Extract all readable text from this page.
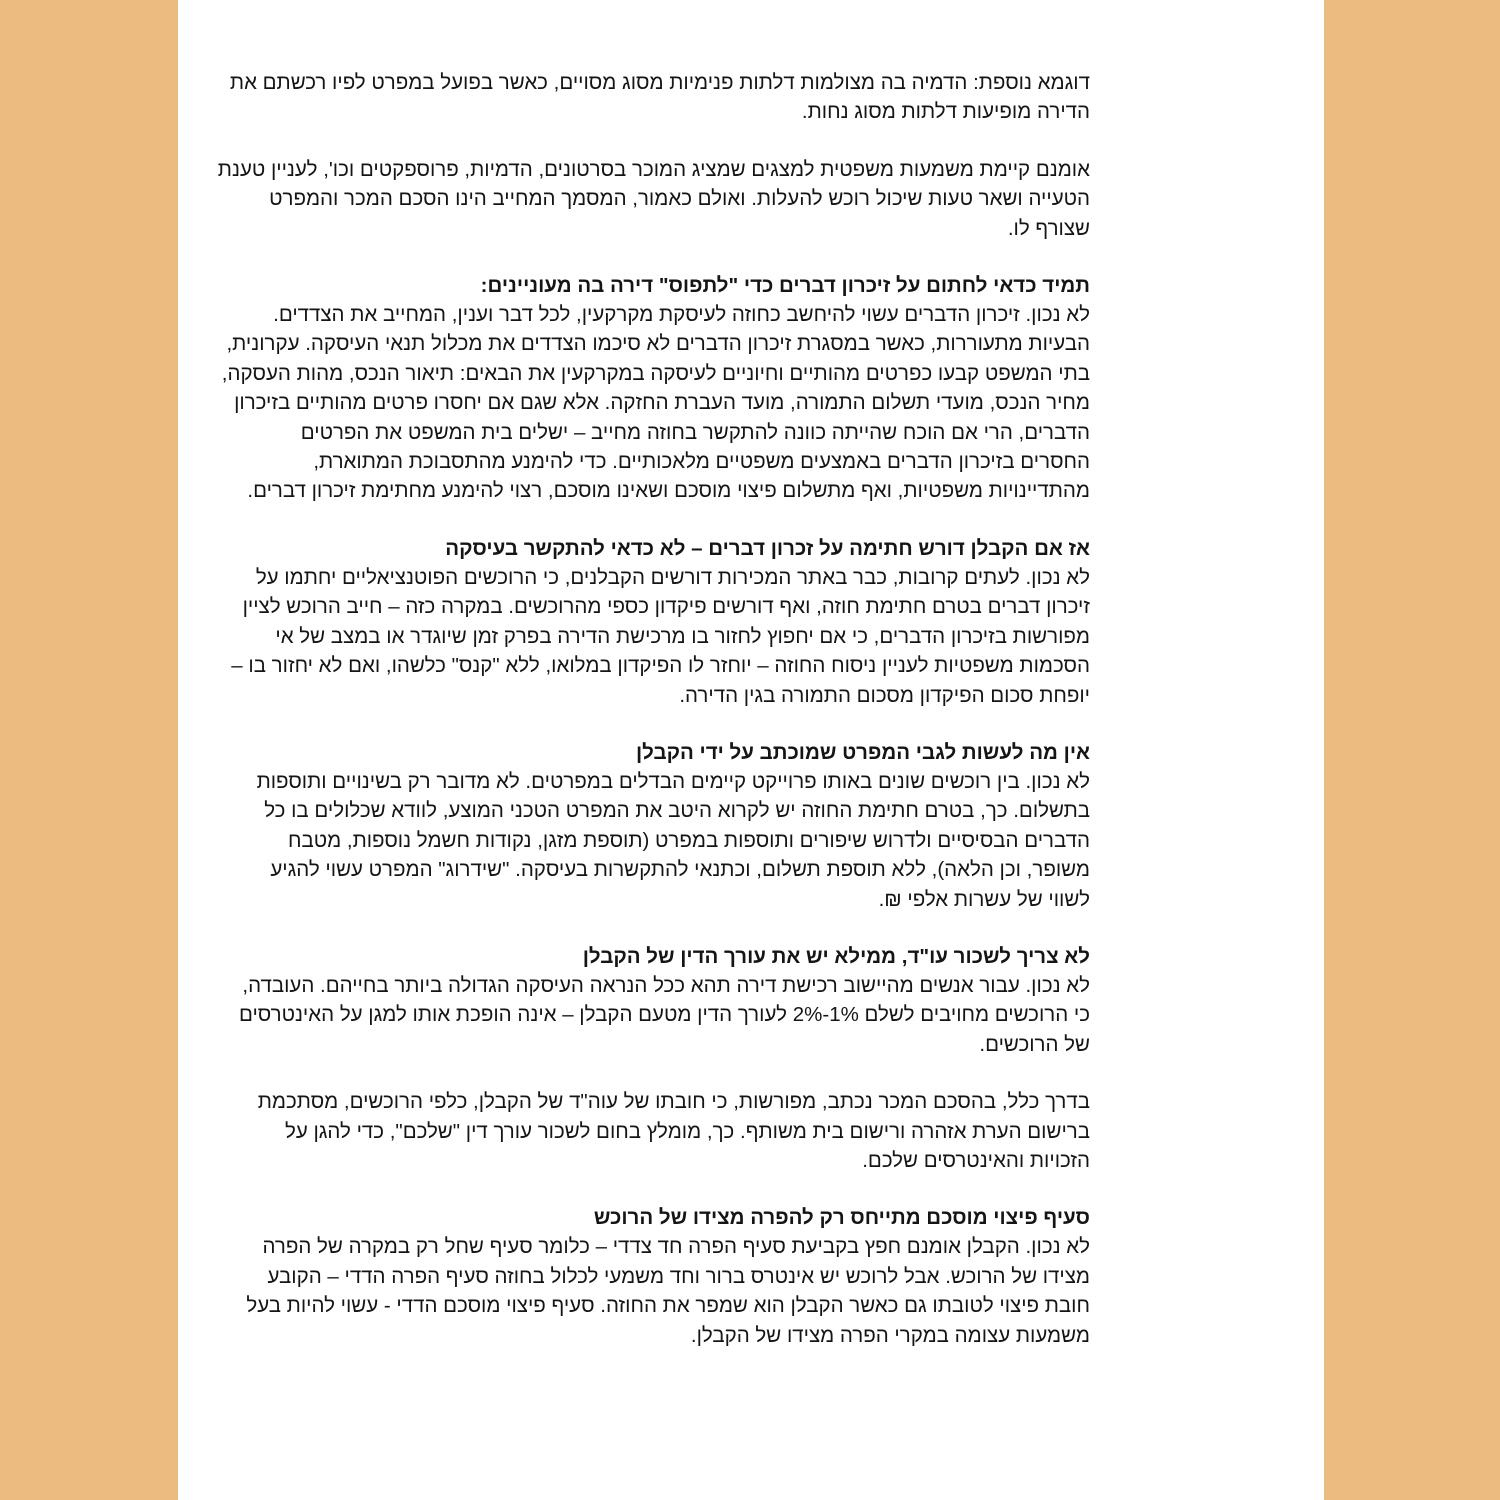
דוגמא נוספת: הדמיה בה מצולמות דלתות פנימיות מסוג מסויים, כאשר בפועל במפרט לפיו רכשתם את

הדירה מופיעות דלתות מסוג נחות.

אומנם קיימת משמעות משפטית למצגים שמציג המוכר בסרטונים, הדמיות, פרוספקטים וכו', לעניין טענת

הטעייה ושאר טעות שיכול רוכש להעלות. ואולם כאמור, המסמך המחייב הינו הסכם המכר והמפרט

שצורף לו.

תמיד כדאי לחתום על זיכרון דברים כדי "לתפוס" דירה בה מעוניינים:

לא נכון. זיכרון הדברים עשוי להיחשב כחוזה לעיסקת מקרקעין, לכל דבר וענין, המחייב את הצדדים.

הבעיות מתעוררות, כאשר במסגרת זיכרון הדברים לא סיכמו הצדדים את מכלול תנאי העיסקה. עקרונית,

בתי המשפט קבעו כפרטים מהותיים וחיוניים לעיסקה במקרקעין את הבאים: תיאור הנכס, מהות העסקה,

מחיר הנכס, מועדי תשלום התמורה, מועד העברת החזקה. אלא שגם אם יחסרו פרטים מהותיים בזיכרון

הדברים, הרי אם הוכח שהייתה כוונה להתקשר בחוזה מחייב – ישלים בית המשפט את הפרטים

החסרים בזיכרון הדברים באמצעים משפטיים מלאכותיים. כדי להימנע מהתסבוכת המתוארת,

מהתדיינויות משפטיות, ואף מתשלום פיצוי מוסכם ושאינו מוסכם, רצוי להימנע מחתימת זיכרון דברים.

אז אם הקבלן דורש חתימה על זכרון דברים – לא כדאי להתקשר בעיסקה

לא נכון. לעתים קרובות, כבר באתר המכירות דורשים הקבלנים, כי הרוכשים הפוטנציאליים יחתמו על

זיכרון דברים בטרם חתימת חוזה, ואף דורשים פיקדון כספי מהרוכשים. במקרה כזה – חייב הרוכש לציין

מפורשות בזיכרון הדברים, כי אם יחפוץ לחזור בו מרכישת הדירה בפרק זמן שיוגדר או במצב של אי

הסכמות משפטיות לעניין ניסוח החוזה – יוחזר לו הפיקדון במלואו, ללא "קנס" כלשהו, ואם לא יחזור בו –

יופחת סכום הפיקדון מסכום התמורה בגין הדירה.

אין מה לעשות לגבי המפרט שמוכתב על ידי הקבלן

לא נכון. בין רוכשים שונים באותו פרוייקט קיימים הבדלים במפרטים. לא מדובר רק בשינויים ותוספות

בתשלום. כך, בטרם חתימת החוזה יש לקרוא היטב את המפרט הטכני המוצע, לוודא שכלולים בו כל

הדברים הבסיסיים ולדרוש שיפורים ותוספות במפרט (תוספת מזגן, נקודות חשמל נוספות, מטבח

משופר, וכן הלאה), ללא תוספת תשלום, וכתנאי להתקשרות בעיסקה. "שידרוג" המפרט עשוי להגיע

לשווי של עשרות אלפי ₪.

לא צריך לשכור עו"ד, ממילא יש את עורך הדין של הקבלן

לא נכון. עבור אנשים מהיישוב רכישת דירה תהא ככל הנראה העיסקה הגדולה ביותר בחייהם. העובדה,

כי הרוכשים מחויבים לשלם 1%-2% לעורך הדין מטעם הקבלן – אינה הופכת אותו למגן על האינטרסים

של הרוכשים.

בדרך כלל, בהסכם המכר נכתב, מפורשות, כי חובתו של עוה"ד של הקבלן, כלפי הרוכשים, מסתכמת

ברישום הערת אזהרה ורישום בית משותף. כך, מומלץ בחום לשכור עורך דין "שלכם", כדי להגן על

הזכויות והאינטרסים שלכם.

סעיף פיצוי מוסכם מתייחס רק להפרה מצידו של הרוכש

לא נכון. הקבלן אומנם חפץ בקביעת סעיף הפרה חד צדדי – כלומר סעיף שחל רק במקרה של הפרה

מצידו של הרוכש. אבל לרוכש יש אינטרס ברור וחד משמעי לכלול בחוזה סעיף הפרה הדדי – הקובע

חובת פיצוי לטובתו גם כאשר הקבלן הוא שמפר את החוזה. סעיף פיצוי מוסכם הדדי - עשוי להיות בעל

משמעות עצומה במקרי הפרה מצידו של הקבלן.
